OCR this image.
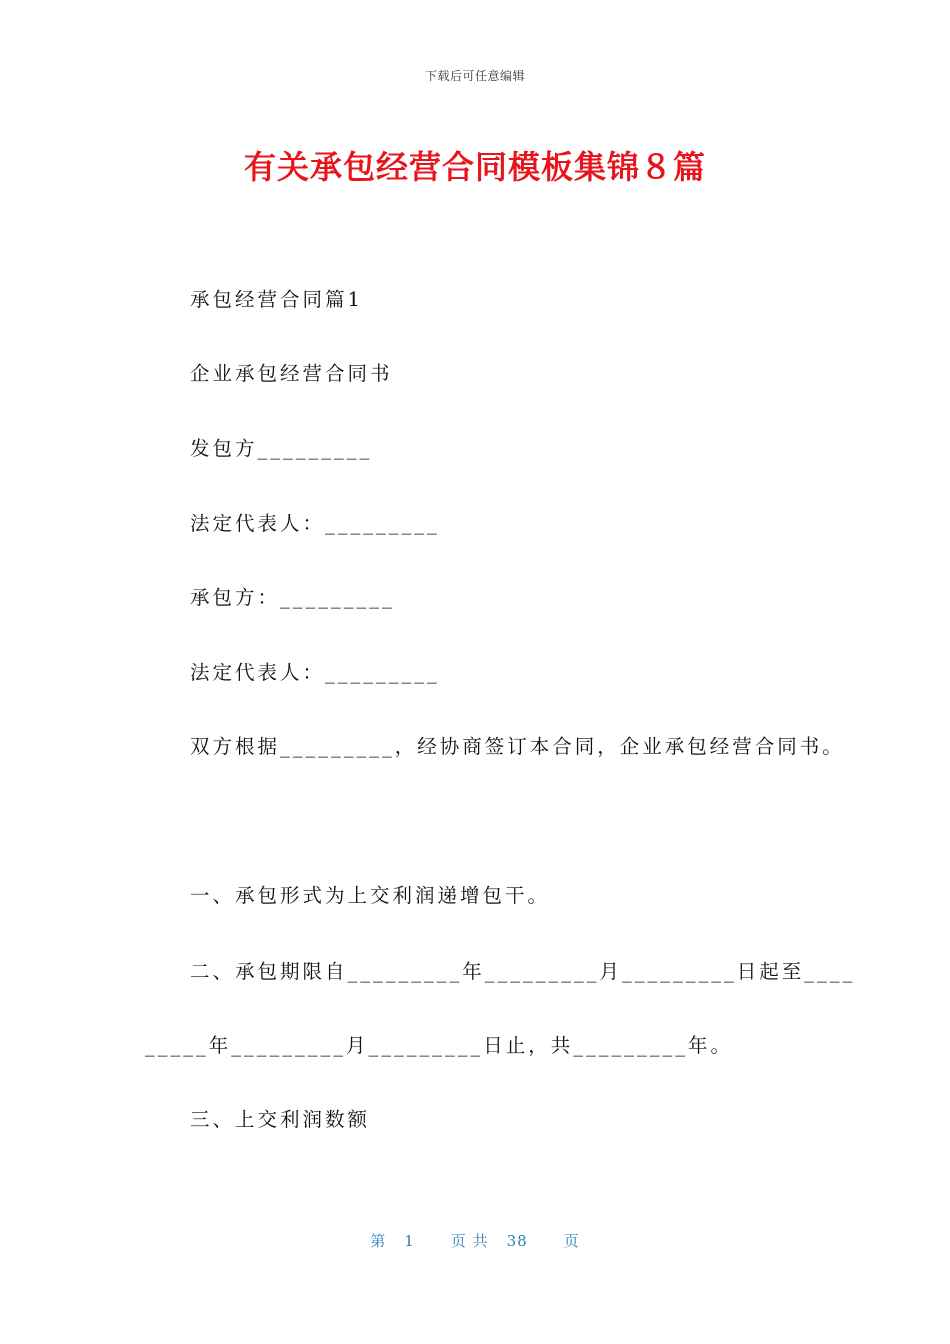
下载后可任意编辑
有关承包经营合同模板集锦８篇
承包经营合同篇1
企业承包经营合同书
发包方_________
法定代表人：_________
承包方：_________
法定代表人：_________
双方根据_________，经协商签订本合同，企业承包经营合同书。
一、承包形式为上交利润递增包干。
二、承包期限自_________年_________月_________日起至____
_____年_________月_________日止，共_________年。
三、上交利润数额
第 1 页 共 38 页
